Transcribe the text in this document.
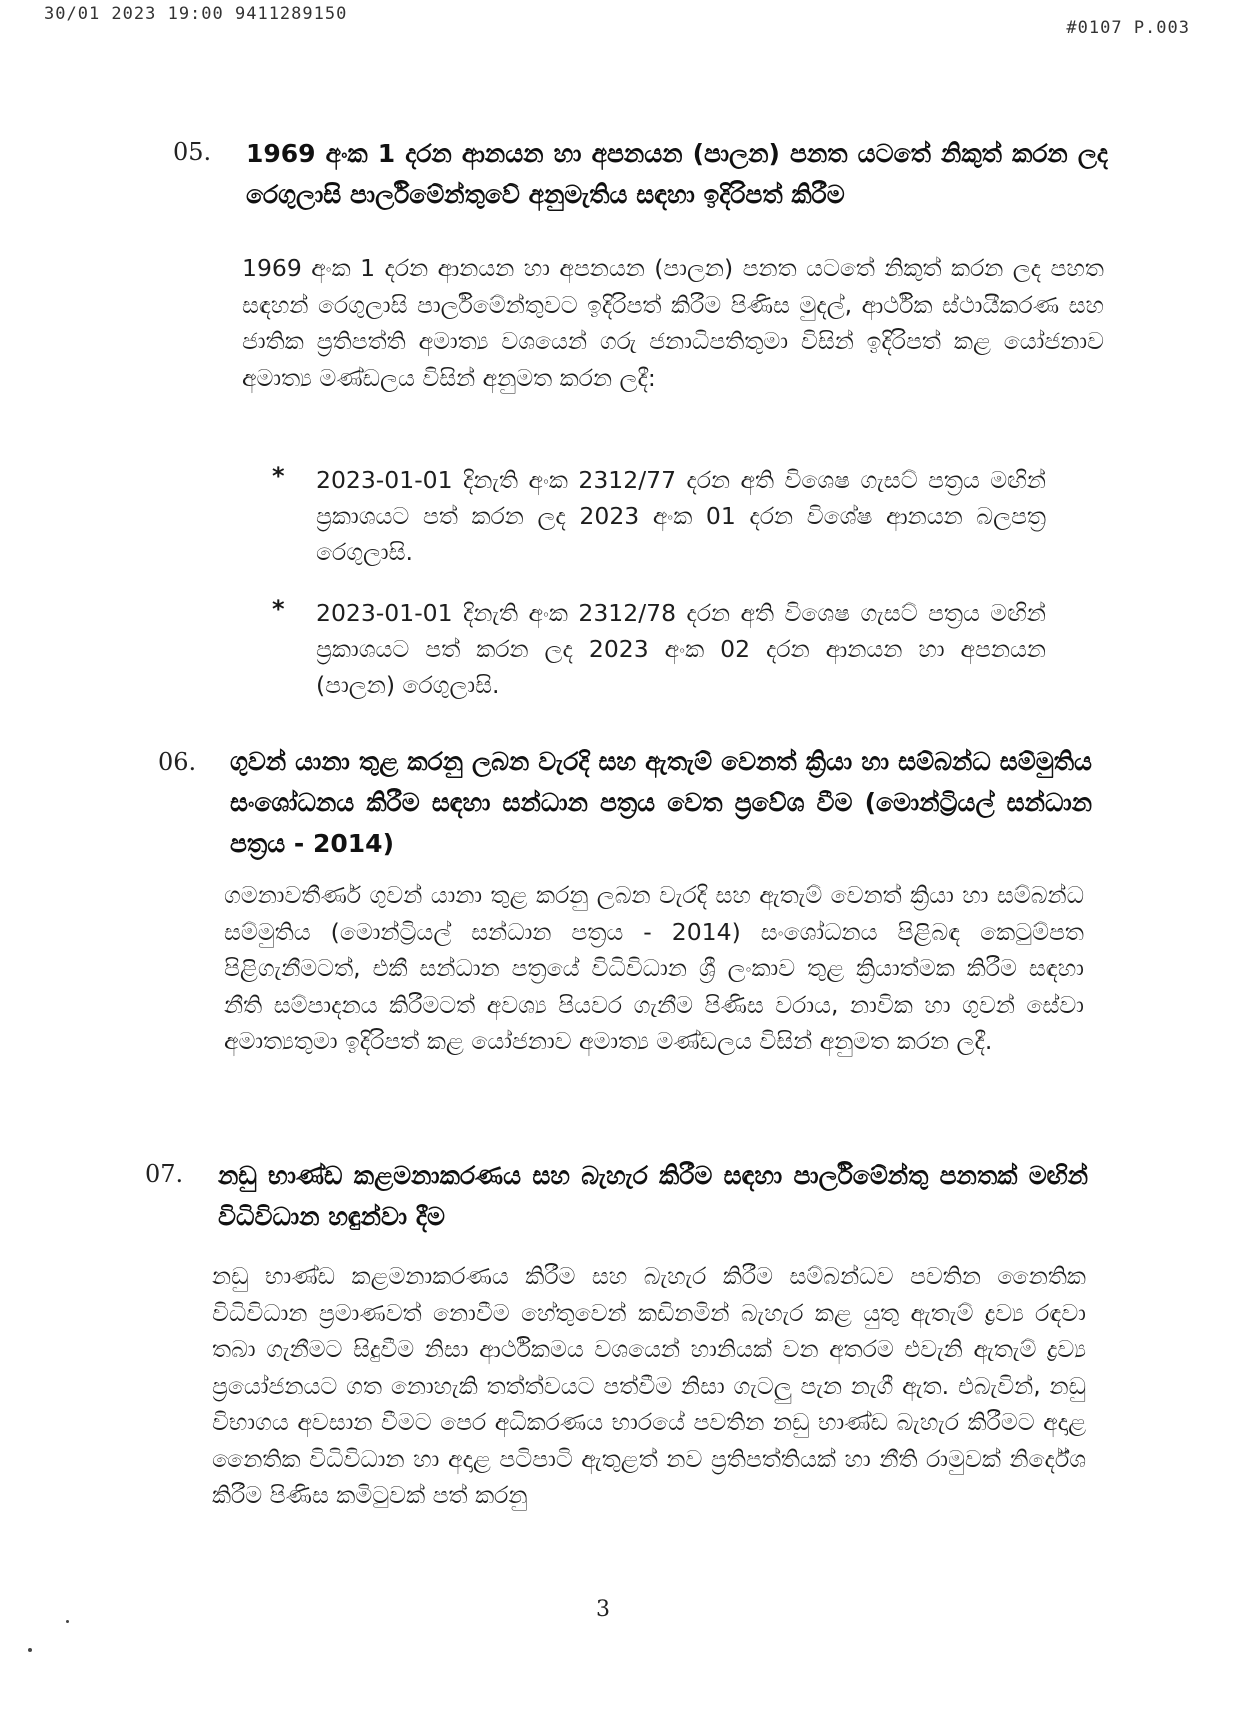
30/01 2023 19:00 9411289150
#0107 P.003
05. 1969 අංක 1 දරන ආනයන හා අපනයන (පාලන) පනත යටතේ නිකුත් කරන ලද රෙගුලාසි පාර්ලිමේන්තුවේ අනුමැතිය සඳහා ඉදිරිපත් කිරීම

1969 අංක 1 දරන ආනයන හා අපනයන (පාලන) පනත යටතේ නිකුත් කරන ලද පහත සඳහන් රෙගුලාසි පාර්ලිමේන්තුවට ඉදිරිපත් කිරීම පිණිස මුදල්, ආර්ථික ස්ථායීකරණ සහ ජාතික ප්‍රතිපත්ති අමාත්‍ය වශයෙන් ගරු ජනාධිපතිතුමා විසින් ඉදිරිපත් කළ යෝජනාව අමාත්‍ය මණ්ඩලය විසින් අනුමත කරන ලදී:

* 2023-01-01 දිනැති අංක 2312/77 දරන අති විශෙෂ ගැසට් පත්‍රය මඟින් ප්‍රකාශයට පත් කරන ලද 2023 අංක 01 දරන විශේෂ ආනයන බලපත්‍ර රෙගුලාසි.

* 2023-01-01 දිනැති අංක 2312/78 දරන අති විශෙෂ ගැසට් පත්‍රය මඟින් ප්‍රකාශයට පත් කරන ලද 2023 අංක 02 දරන ආනයන හා අපනයන (පාලන) රෙගුලාසි.

06. ගුවන් යානා තුළ කරනු ලබන වැරදි සහ ඇතැම් වෙනත් ක්‍රියා හා සම්බන්ධ සම්මුතිය සංශෝධනය කිරීම සඳහා සන්ධාන පත්‍රය වෙත ප්‍රවේශ වීම (මොන්ට්‍රියල් සන්ධාන පත්‍රය - 2014)

ගමනාවතීර්ණ ගුවන් යානා තුළ කරනු ලබන වැරදි සහ ඇතැම් වෙනත් ක්‍රියා හා සම්බන්ධ සම්මුතිය (මොන්ට්‍රියල් සන්ධාන පත්‍රය - 2014) සංශෝධනය පිළිබඳ කෙටුම්පත පිළිගැනීමටත්, එකී සන්ධාන පත්‍රයේ විධිවිධාන ශ්‍රී ලංකාව තුළ ක්‍රියාත්මක කිරීම සඳහා නීති සම්පාදනය කිරීමටත් අවශ්‍ය පියවර ගැනීම පිණිස වරාය, නාවික හා ගුවන් සේවා අමාත්‍යතුමා ඉදිරිපත් කළ යෝජනාව අමාත්‍ය මණ්ඩලය විසින් අනුමත කරන ලදී.

07. නඩු භාණ්ඩ කළමනාකරණය සහ බැහැර කිරීම සඳහා පාර්ලිමේන්තු පනතක් මඟින් විධිවිධාන හඳුන්වා දීම

නඩු භාණ්ඩ කළමනාකරණය කිරීම සහ බැහැර කිරීම සම්බන්ධව පවතින නෛතික විධිවිධාන ප්‍රමාණවත් නොවීම හේතුවෙන් කඩිනමින් බැහැර කළ යුතු ඇතැම් ද්‍රව්‍ය රඳවා තබා ගැනීමට සිදුවීම නිසා ආර්ථිකමය වශයෙන් හානියක් වන අතරම එවැනි ඇතැම් ද්‍රව්‍ය ප්‍රයෝජනයට ගත නොහැකි තත්ත්වයට පත්වීම නිසා ගැටලු පැන නැගී ඇත. එබැවින්, නඩු විභාගය අවසාන වීමට පෙර අධිකරණය භාරයේ පවතින නඩු භාණ්ඩ බැහැර කිරීමට අදාළ නෛතික විධිවිධාන හා අදාළ පටිපාටි ඇතුළත් නව ප්‍රතිපත්තියක් හා නීති රාමුවක් නිර්දේශ කිරීම පිණිස කමිටුවක් පත් කරනු

3
